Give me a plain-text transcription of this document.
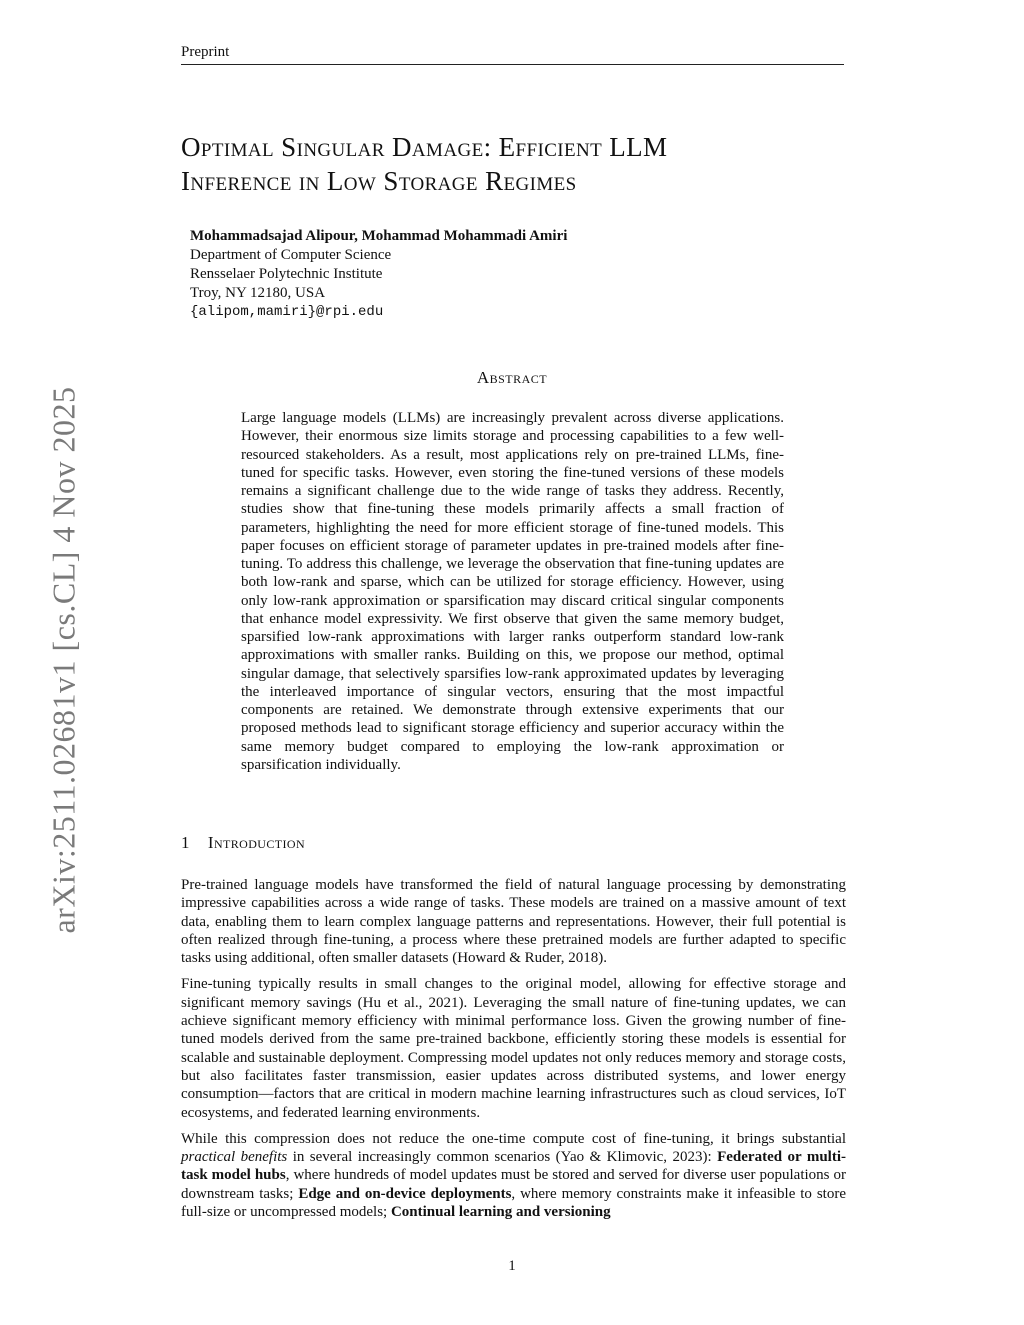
Preprint
arXiv:2511.02681v1 [cs.CL] 4 Nov 2025
Optimal Singular Damage: Efficient LLM
Inference in Low Storage Regimes
Mohammadsajad Alipour, Mohammad Mohammadi Amiri
Department of Computer Science
Rensselaer Polytechnic Institute
Troy, NY 12180, USA
{alipom,mamiri}@rpi.edu
Abstract

Large language models (LLMs) are increasingly prevalent across diverse applications. However, their enormous size limits storage and processing capabilities to a few well-resourced stakeholders. As a result, most applications rely on pre-trained LLMs, fine-tuned for specific tasks. However, even storing the fine-tuned versions of these models remains a significant challenge due to the wide range of tasks they address. Recently, studies show that fine-tuning these models primarily affects a small fraction of parameters, highlighting the need for more efficient storage of fine-tuned models. This paper focuses on efficient storage of parameter updates in pre-trained models after fine-tuning. To address this challenge, we leverage the observation that fine-tuning updates are both low-rank and sparse, which can be utilized for storage efficiency. However, using only low-rank approximation or sparsification may discard critical singular components that enhance model expressivity. We first observe that given the same memory budget, sparsified low-rank approximations with larger ranks outperform standard low-rank approximations with smaller ranks. Building on this, we propose our method, optimal singular damage, that selectively sparsifies low-rank approximated updates by leveraging the interleaved importance of singular vectors, ensuring that the most impactful components are retained. We demonstrate through extensive experiments that our proposed methods lead to significant storage efficiency and superior accuracy within the same memory budget compared to employing the low-rank approximation or sparsification individually.

1 Introduction

Pre-trained language models have transformed the field of natural language processing by demonstrating impressive capabilities across a wide range of tasks. These models are trained on a massive amount of text data, enabling them to learn complex language patterns and representations. However, their full potential is often realized through fine-tuning, a process where these pretrained models are further adapted to specific tasks using additional, often smaller datasets (Howard & Ruder, 2018).

Fine-tuning typically results in small changes to the original model, allowing for effective storage and significant memory savings (Hu et al., 2021). Leveraging the small nature of fine-tuning updates, we can achieve significant memory efficiency with minimal performance loss. Given the growing number of fine-tuned models derived from the same pre-trained backbone, efficiently storing these models is essential for scalable and sustainable deployment. Compressing model updates not only reduces memory and storage costs, but also facilitates faster transmission, easier updates across distributed systems, and lower energy consumption—factors that are critical in modern machine learning infrastructures such as cloud services, IoT ecosystems, and federated learning environments.

While this compression does not reduce the one-time compute cost of fine-tuning, it brings substantial practical benefits in several increasingly common scenarios (Yao & Klimovic, 2023): Federated or multi-task model hubs, where hundreds of model updates must be stored and served for diverse user populations or downstream tasks; Edge and on-device deployments, where memory constraints make it infeasible to store full-size or uncompressed models; Continual learning and versioning

1
